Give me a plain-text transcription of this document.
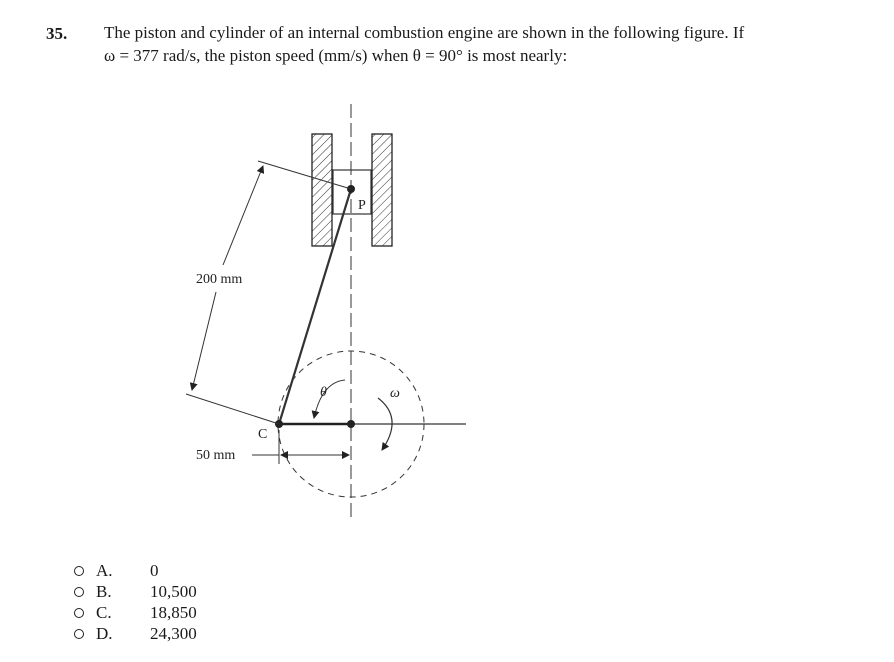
35. The piston and cylinder of an internal combustion engine are shown in the following figure. If

ω = 377 rad/s, the piston speed (mm/s) when θ = 90° is most nearly:

200 mm
50 mm
P
C
θ	ω
A.	0
B.	10,500
C.	18,850
D.	24,300
